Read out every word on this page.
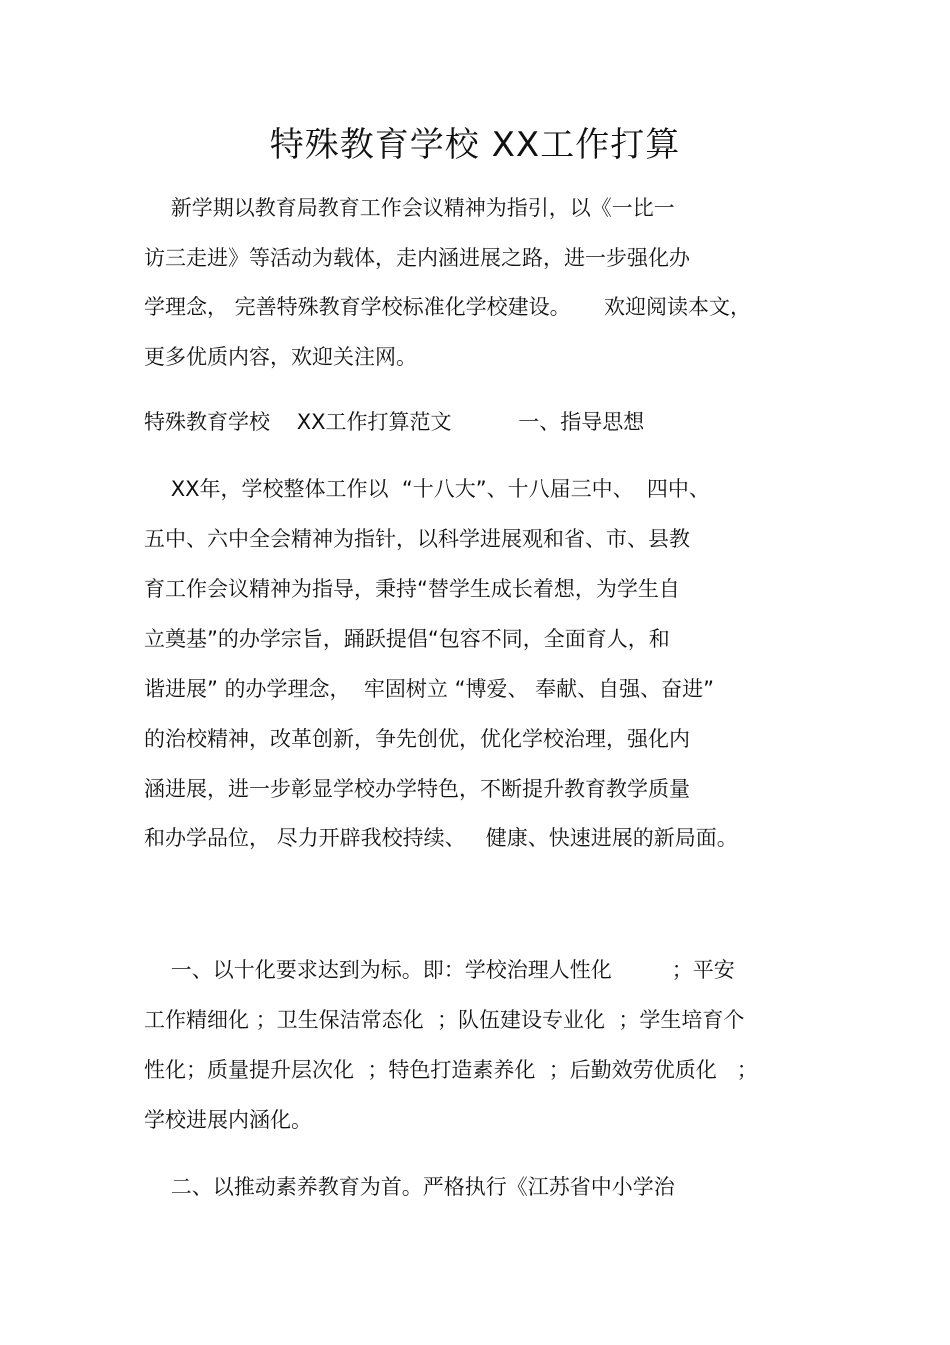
特殊教育学校 XX工作打算
新学期以教育局教育工作会议精神为指引，以《一比一
访三走进》等活动为载体，走内涵进展之路，进一步强化办
学理念， 完善特殊教育学校标准化学校建设。     欢迎阅读本文，
更多优质内容，欢迎关注网。
特殊教育学校    XX工作打算范文          一、指导思想
XX年，学校整体工作以  “十八大”、十八届三中、  四中、
五中、六中全会精神为指针，以科学进展观和省、市、县教
育工作会议精神为指导，秉持“替学生成长着想，为学生自
立奠基”的办学宗旨，踊跃提倡“包容不同，全面育人，和
谐进展” 的办学理念，  牢固树立 “博爱、 奉献、自强、奋进”
的治校精神，改革创新，争先创优，优化学校治理，强化内
涵进展，进一步彰显学校办学特色，不断提升教育教学质量
和办学品位， 尽力开辟我校持续、   健康、快速进展的新局面。
一、以十化要求达到为标。即：学校治理人性化         ；平安
工作精细化 ；卫生保洁常态化  ；队伍建设专业化  ；学生培育个
性化；质量提升层次化  ；特色打造素养化  ；后勤效劳优质化   ；
学校进展内涵化。
二、以推动素养教育为首。严格执行《江苏省中小学治
